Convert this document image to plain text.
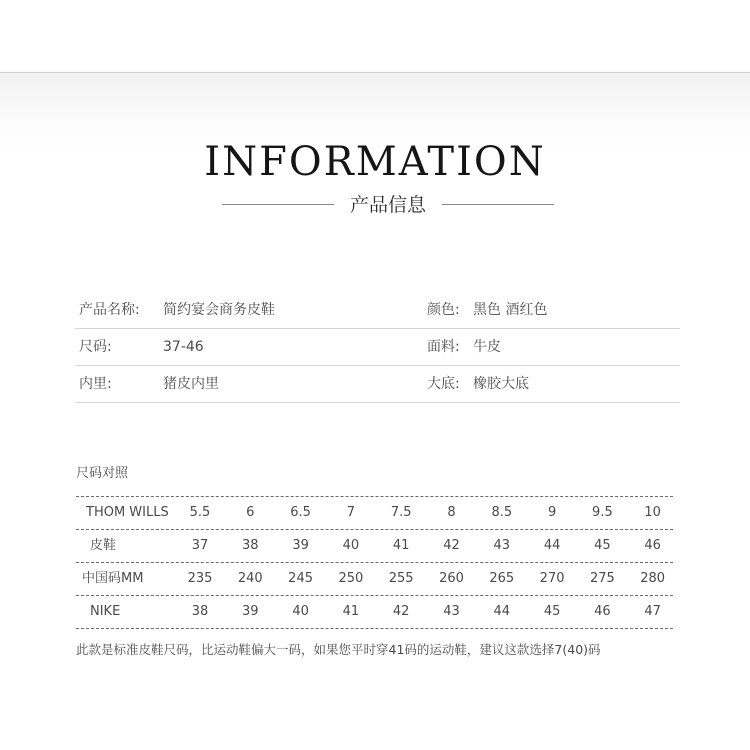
INFORMATION
产品信息
产品名称: 简约宴会商务皮鞋	颜色: 黑色 酒红色
尺码:	37-46	面料: 牛皮
内里:	猪皮内里	大底: 橡胶大底
尺码对照
THOM WILLS	5.5	6	6.5	7	7.5	8	8.5	9	9.5	10
皮鞋	37	38	39	40	41	42	43	44	45	46
中国码MM	235	240	245	250	255	260	265	270	275	280
NIKE	38	39	40	41	42	43	44	45	46	47
此款是标准皮鞋尺码，比运动鞋偏大一码，如果您平时穿41码的运动鞋，建议这款选择7(40)码
